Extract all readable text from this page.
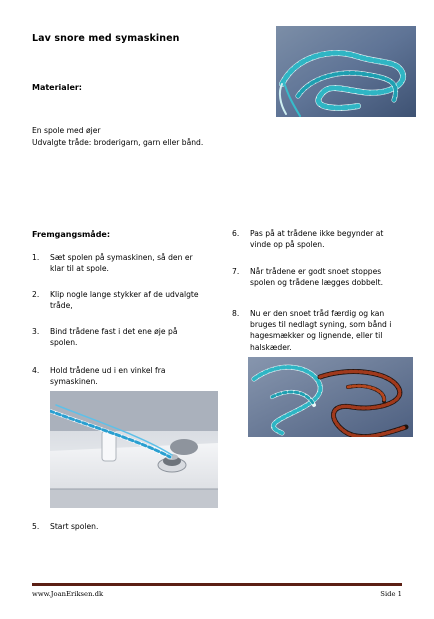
Lav snore med symaskinen
Materialer:
En spole med øjer
Udvalgte tråde: broderigarn, garn eller bånd.
Fremgangsmåde:
1. Sæt spolen på symaskinen, så den er klar til at spole.
2. Klip nogle lange stykker af de udvalgte tråde,
3. Bind trådene fast i det ene øje på spolen.
4. Hold trådene ud i en vinkel fra symaskinen.
5. Start spolen.
6. Pas på at trådene ikke begynder at vinde op på spolen.
7. Når trådene er godt snoet stoppes spolen og trådene lægges dobbelt.
8. Nu er den snoet tråd færdig og kan bruges til nedlagt syning, som bånd i hagesmækker og lignende, eller til halskæder.
www.JoanEriksen.dk	Side 1
